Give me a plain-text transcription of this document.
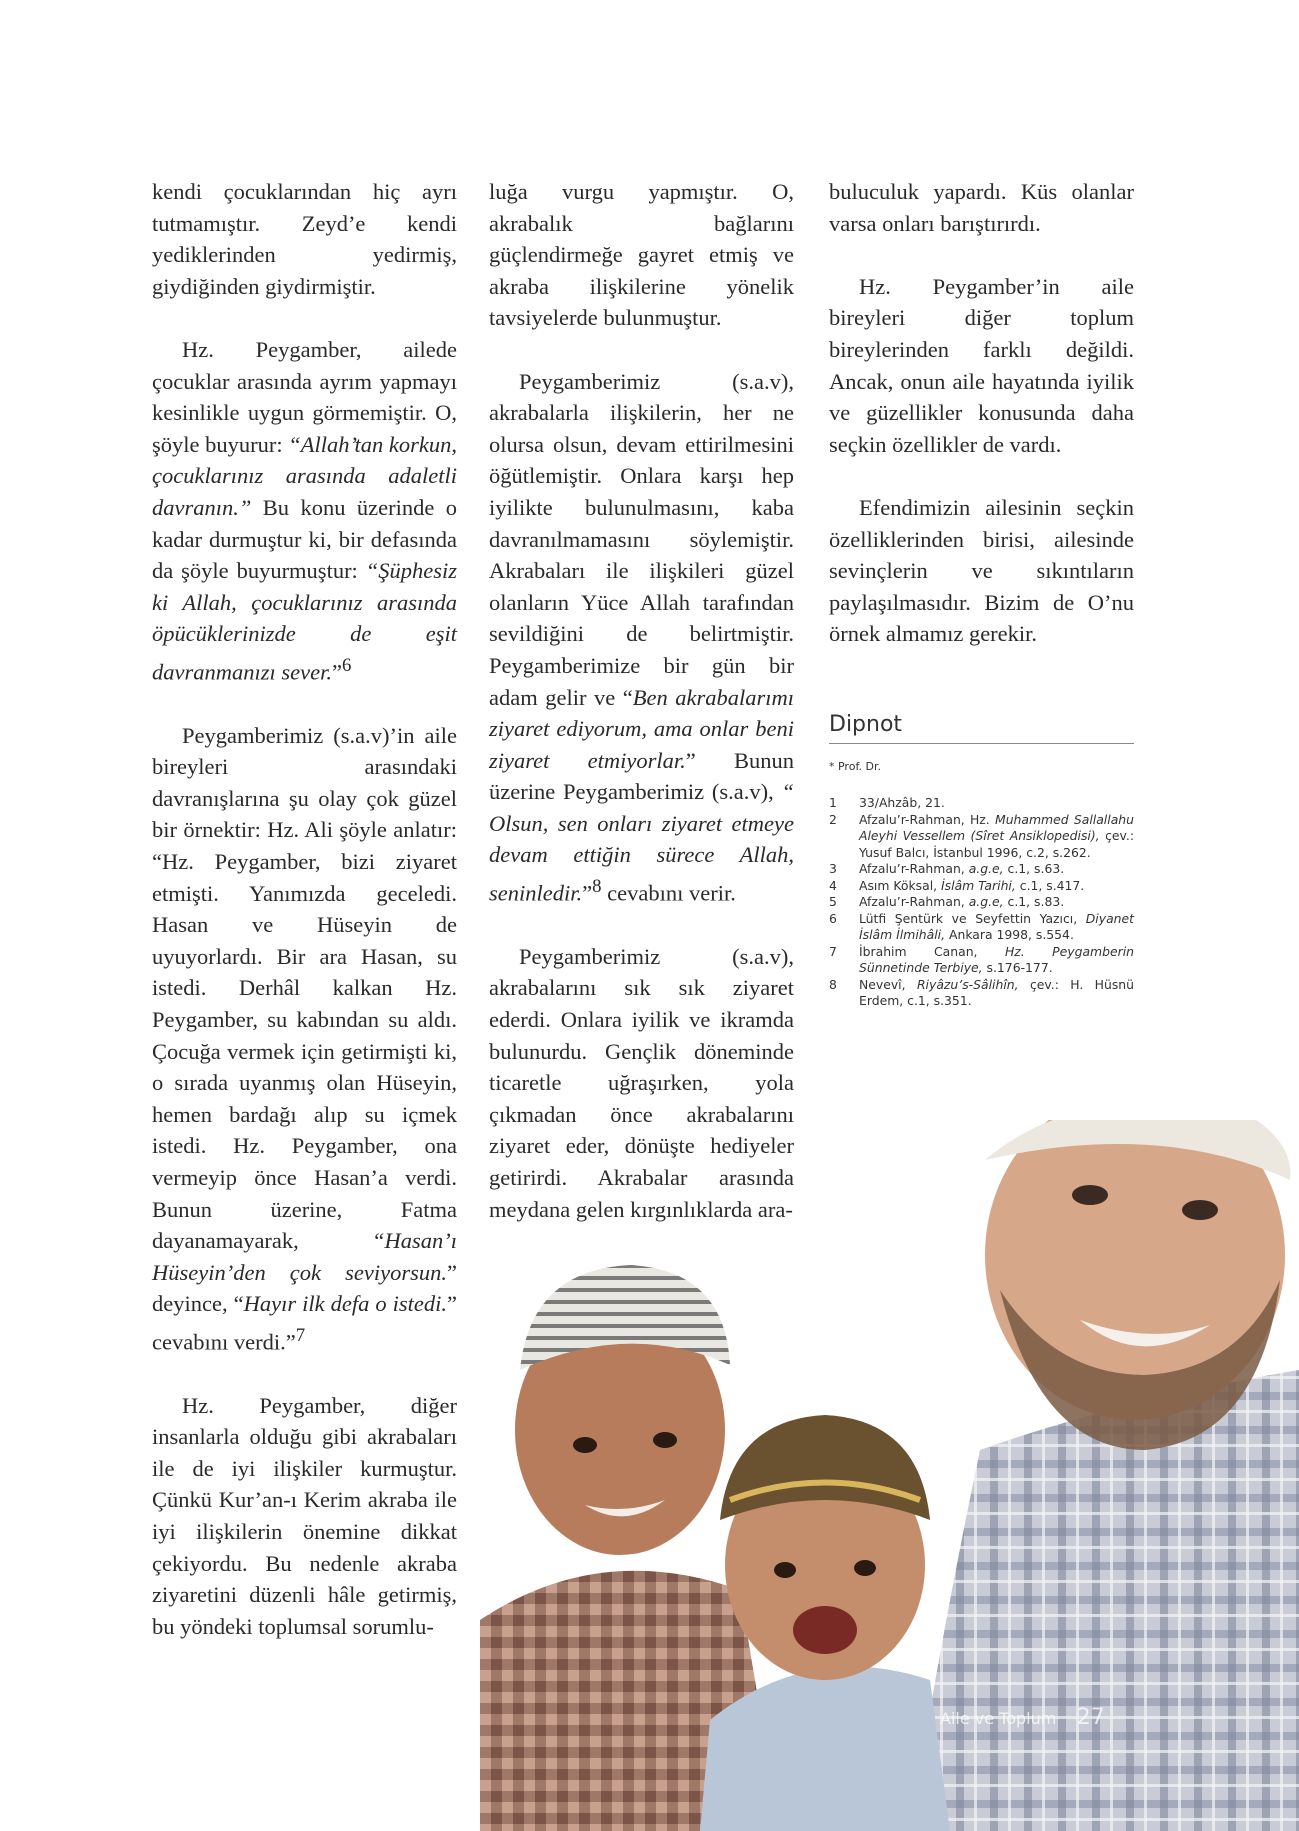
kendi çocuklarından hiç ayrı tutmamıştır. Zeyd’e kendi yediklerinden yedirmiş, giydiğinden giydirmiştir.

Hz. Peygamber, ailede çocuklar arasında ayrım yapmayı kesinlikle uygun görmemiştir. O, şöyle buyurur: “Allah’tan korkun, çocuklarınız arasında adaletli davranın.” Bu konu üzerinde o kadar durmuştur ki, bir defasında da şöyle buyurmuştur: “Şüphesiz ki Allah, çocuklarınız arasında öpücüklerinizde de eşit davranmanızı sever.”$^6$

Peygamberimiz (s.a.v)’in aile bireyleri arasındaki davranışlarına şu olay çok güzel bir örnektir: Hz. Ali şöyle anlatır: “Hz. Peygamber, bizi ziyaret etmişti. Yanımızda geceledi. Hasan ve Hüseyin de uyuyorlardı. Bir ara Hasan, su istedi. Derhâl kalkan Hz. Peygamber, su kabından su aldı. Çocuğa vermek için getirmişti ki, o sırada uyanmış olan Hüseyin, hemen bardağı alıp su içmek istedi. Hz. Peygamber, ona vermeyip önce Hasan’a verdi. Bunun üzerine, Fatma dayanamayarak, “Hasan’ı Hüseyin’den çok seviyorsun.” deyince, “Hayır ilk defa o istedi.” cevabını verdi.”$^7$

Hz. Peygamber, diğer insanlarla olduğu gibi akrabaları ile de iyi ilişkiler kurmuştur. Çünkü Kur’an-ı Kerim akraba ile iyi ilişkilerin önemine dikkat çekiyordu. Bu nedenle akraba ziyaretini düzenli hâle getirmiş, bu yöndeki toplumsal sorumlu-

luğa vurgu yapmıştır. O, akrabalık bağlarını güçlendirmeğe gayret etmiş ve akraba ilişkilerine yönelik tavsiyelerde bulunmuştur.

Peygamberimiz (s.a.v), akrabalarla ilişkilerin, her ne olursa olsun, devam ettirilmesini öğütlemiştir. Onlara karşı hep iyilikte bulunulmasını, kaba davranılmamasını söylemiştir. Akrabaları ile ilişkileri güzel olanların Yüce Allah tarafından sevildiğini de belirtmiştir. Peygamberimize bir gün bir adam gelir ve “Ben akrabalarımı ziyaret ediyorum, ama onlar beni ziyaret etmiyorlar.” Bunun üzerine Peygamberimiz (s.a.v), “ Olsun, sen onları ziyaret etmeye devam ettiğin sürece Allah, seninledir.”$^8$ cevabını verir.

Peygamberimiz (s.a.v), akrabalarını sık sık ziyaret ederdi. Onlara iyilik ve ikramda bulunurdu. Gençlik döneminde ticaretle uğraşırken, yola çıkmadan önce akrabalarını ziyaret eder, dönüşte hediyeler getirirdi. Akrabalar arasında meydana gelen kırgınlıklarda ara-

buluculuk yapardı. Küs olanlar varsa onları barıştırırdı.

Hz. Peygamber’in aile bireyleri diğer toplum bireylerinden farklı değildi. Ancak, onun aile hayatında iyilik ve güzellikler konusunda daha seçkin özellikler de vardı.

Efendimizin ailesinin seçkin özelliklerinden birisi, ailesinde sevinçlerin ve sıkıntıların paylaşılmasıdır. Bizim de O’nu örnek almamız gerekir.

Dipnot
* Prof. Dr.
1	33/Ahzâb, 21.
2	Afzalu’r-Rahman, Hz. Muhammed Sallallahu Aleyhi Vessellem (Sîret Ansiklopedisi), çev.: Yusuf Balcı, İstanbul 1996, c.2, s.262.
3	Afzalu’r-Rahman, a.g.e, c.1, s.63.
4	Asım Köksal, İslâm Tarihi, c.1, s.417.
5	Afzalu’r-Rahman, a.g.e, c.1, s.83.
6	Lütfi Şentürk ve Seyfettin Yazıcı, Diyanet İslâm İlmihâli, Ankara 1998, s.554.
7	İbrahim Canan, Hz. Peygamberin Sünnetinde Terbiye, s.176-177.
8	Nevevî, Riyâzu’s-Sâlihîn, çev.: H. Hüsnü Erdem, c.1, s.351.
Aile ve Toplum 27
